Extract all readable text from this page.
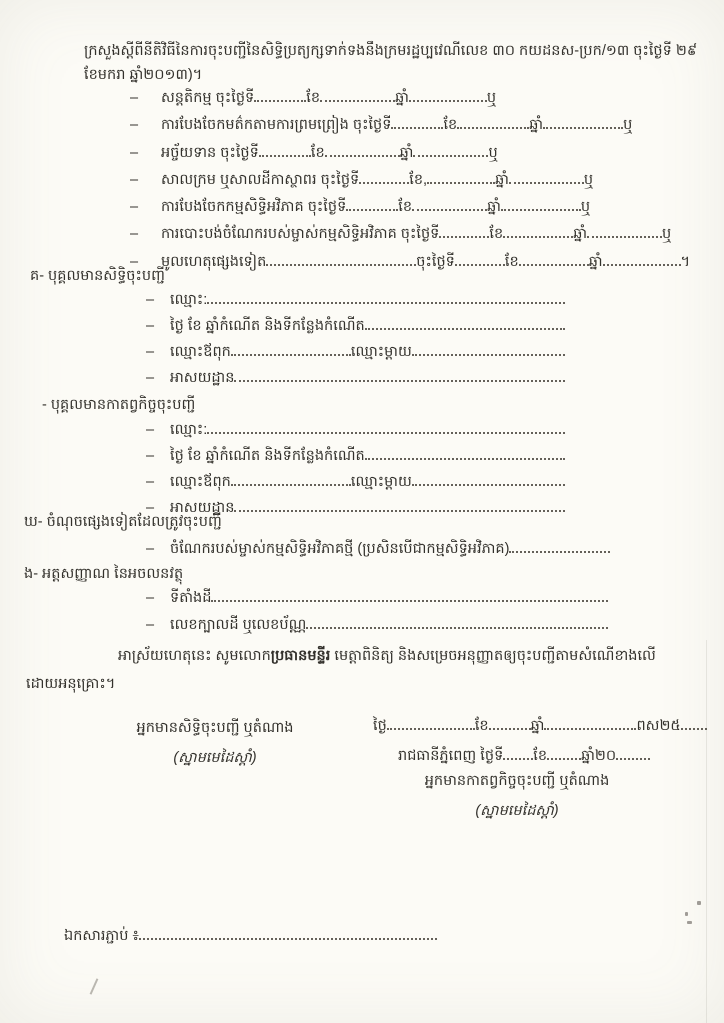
ក្រសួងស្ដីពីនីតិវិធីនៃការចុះបញ្ជីនៃសិទ្ធិប្រត្យក្សទាក់ទងនឹងក្រមរដ្ឋប្បវេណីលេខ ៣០ កយដនស-ប្រក/១៣ ចុះថ្ងៃទី ២៩ ខែមករា ឆ្នាំ២០១៣)។
–	សន្តតិកម្ម ចុះថ្ងៃទី	ខែ	ឆ្នាំ	ឬ
–	ការបែងចែកមត៌កតាមការព្រមព្រៀង ចុះថ្ងៃទី	ខែ	ឆ្នាំ	ឬ
–	អច្ច័យទាន ចុះថ្ងៃទី	ខែ	ឆ្នាំ	ឬ
–	សាលក្រម ឬសាលដីកាស្ថាពរ ចុះថ្ងៃទី	ខែ,	ឆ្នាំ	ឬ
–	ការបែងចែកកម្មសិទ្ធិអវិភាគ ចុះថ្ងៃទី	ខែ	ឆ្នាំ	ឬ
–	ការបោះបង់ចំណែករបស់ម្ចាស់កម្មសិទ្ធិអវិភាគ ចុះថ្ងៃទី	ខែ	ឆ្នាំ	ឬ
–	មូលហេតុផ្សេងទៀត	ចុះថ្ងៃទី	ខែ	ឆ្នាំ	។
គ- បុគ្គលមានសិទ្ធិចុះបញ្ជី
–	ឈ្មោះ:
–	ថ្ងៃ ខែ ឆ្នាំកំណើត និងទីកន្លែងកំណើត
–	ឈ្មោះឪពុក	ឈ្មោះម្ដាយ
–	អាសយដ្ឋាន
- បុគ្គលមានកាតព្វកិច្ចចុះបញ្ជី
–	ឈ្មោះ:
–	ថ្ងៃ ខែ ឆ្នាំកំណើត និងទីកន្លែងកំណើត
–	ឈ្មោះឪពុក	ឈ្មោះម្ដាយ
–	អាសយដ្ឋាន
ឃ- ចំណុចផ្សេងទៀតដែលត្រូវចុះបញ្ជី
–	ចំណែករបស់ម្ចាស់កម្មសិទ្ធិអវិភាគថ្មី (ប្រសិនបើជាកម្មសិទ្ធិអវិភាគ)
ង- អត្តសញ្ញាណ នៃអចលនវត្ថុ
–	ទីតាំងដី
–	លេខក្បាលដី ឬលេខប័ណ្ណ
អាស្រ័យហេតុនេះ សូមលោកប្រធានមន្ទីរ មេត្តាពិនិត្យ និងសម្រេចអនុញ្ញាតឲ្យចុះបញ្ជីតាមសំណើខាងលើដោយអនុគ្រោះ។
អ្នកមានសិទ្ធិចុះបញ្ជី ឬតំណាង
(ស្នាមមេដៃស្ដាំ)
ថ្ងៃ	ខែ	ឆ្នាំ	ពស២៥
រាជធានីភ្នំពេញ ថ្ងៃទី ខែ ឆ្នាំ២០
អ្នកមានកាតព្វកិច្ចចុះបញ្ជី ឬតំណាង
(ស្នាមមេដៃស្ដាំ)
ឯកសារភ្ជាប់ ៖
